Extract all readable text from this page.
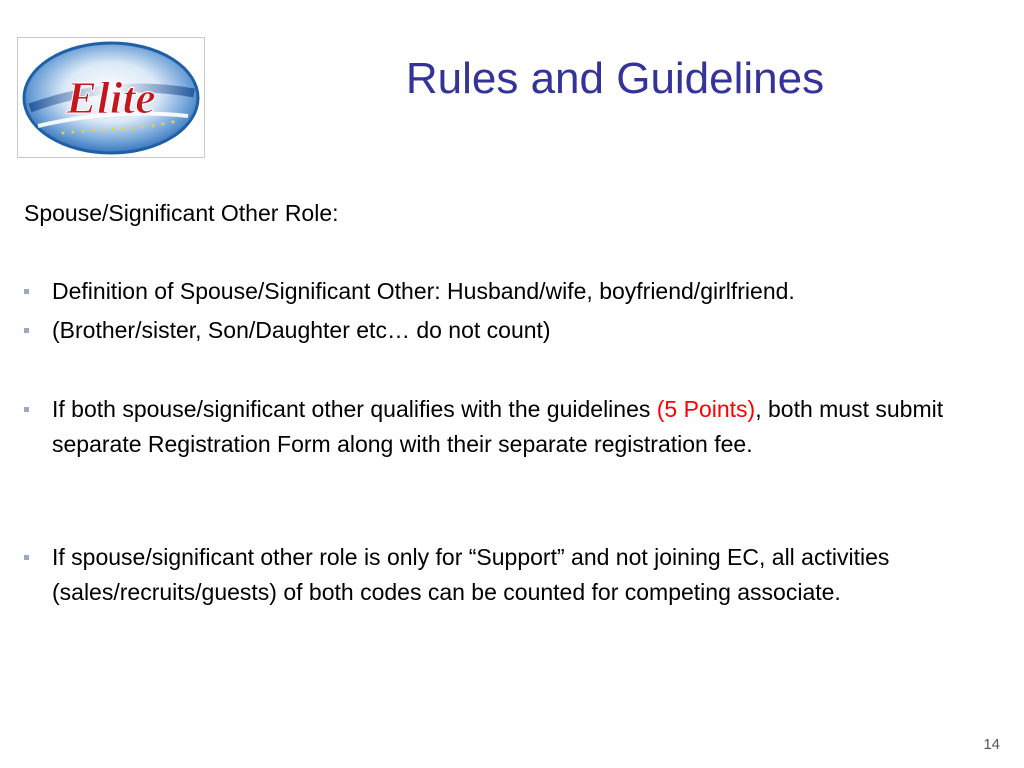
Elite	Rules and Guidelines
Spouse/Significant Other Role:
Definition of Spouse/Significant Other: Husband/wife, boyfriend/girlfriend.
(Brother/sister, Son/Daughter etc… do not count)
If both spouse/significant other qualifies with the guidelines (5 Points), both must submit separate Registration Form along with their separate registration fee.
If spouse/significant other role is only for “Support” and not joining EC, all activities (sales/recruits/guests) of both codes can be counted for competing associate.
14
